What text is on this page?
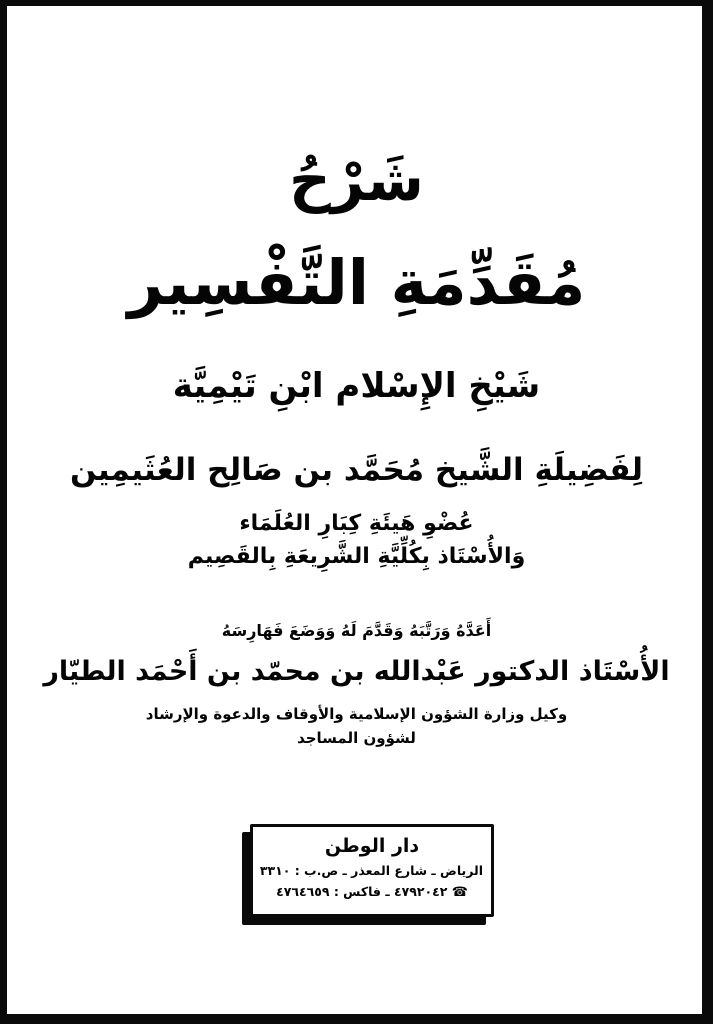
شَرْحُ
مُقَدِّمَةِ التَّفْسِير
شَيْخِ الإِسْلام ابْنِ تَيْمِيَّة
لِفَضِيلَةِ الشَّيخ مُحَمَّد بن صَالِح العُثَيمِين
عُضْوِ هَيئَةِ كِبَارِ العُلَمَاء
وَالأُسْتَاذ بِكُلِّيَّةِ الشَّرِيعَةِ بِالقَصِيم
أَعَدَّهُ وَرَتَّبَهُ وَقَدَّمَ لَهُ وَوَضَعَ فَهَارِسَهُ
الأُسْتَاذ الدكتور عَبْدالله بن محمّد بن أَحْمَد الطيّار
وكيل وزارة الشؤون الإسلامية والأوقاف والدعوة والإرشاد
لشؤون المساجد
دار الوطن
الرياض ـ شارع المعذر ـ ص.ب : ٣٣١٠
☎ ٤٧٩٢٠٤٢ ـ فاكس : ٤٧٦٤٦٥٩
